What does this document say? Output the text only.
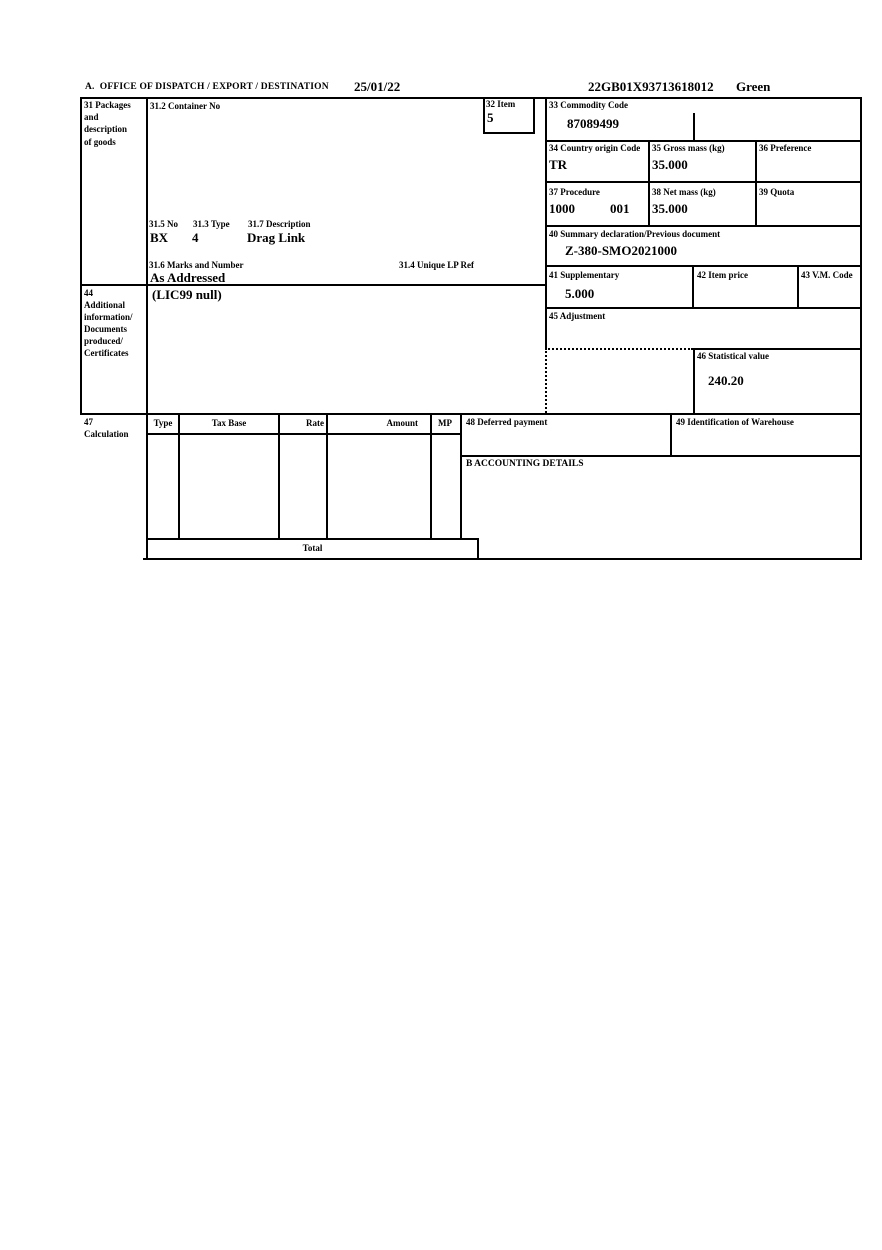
A.  OFFICE OF DISPATCH / EXPORT / DESTINATION 25/01/22	22GB01X93713618012 Green
31 Packages
and
description
of goods
31.2 Container No	32 Item
5
31.5 No 31.3 Type 31.7 Description
BX 4	Drag Link
31.6 Marks and Number	31.4 Unique LP Ref
As Addressed
33 Commodity Code
87089499
34 Country origin Code
TR
35 Gross mass (kg)
35.000
36 Preference
37 Procedure
1000	001
38 Net mass (kg)
35.000
39 Quota
40 Summary declaration/Previous document
Z-380-SMO2021000
41 Supplementary
5.000
42 Item price	43 V.M. Code
45 Adjustment
46 Statistical value
240.20
44
Additional
information/
Documents
produced/
Certificates
(LIC99 null)
47
Calculation
Type	Tax Base	Rate	Amount	MP
Total
48 Deferred payment	49 Identification of Warehouse
B ACCOUNTING DETAILS
